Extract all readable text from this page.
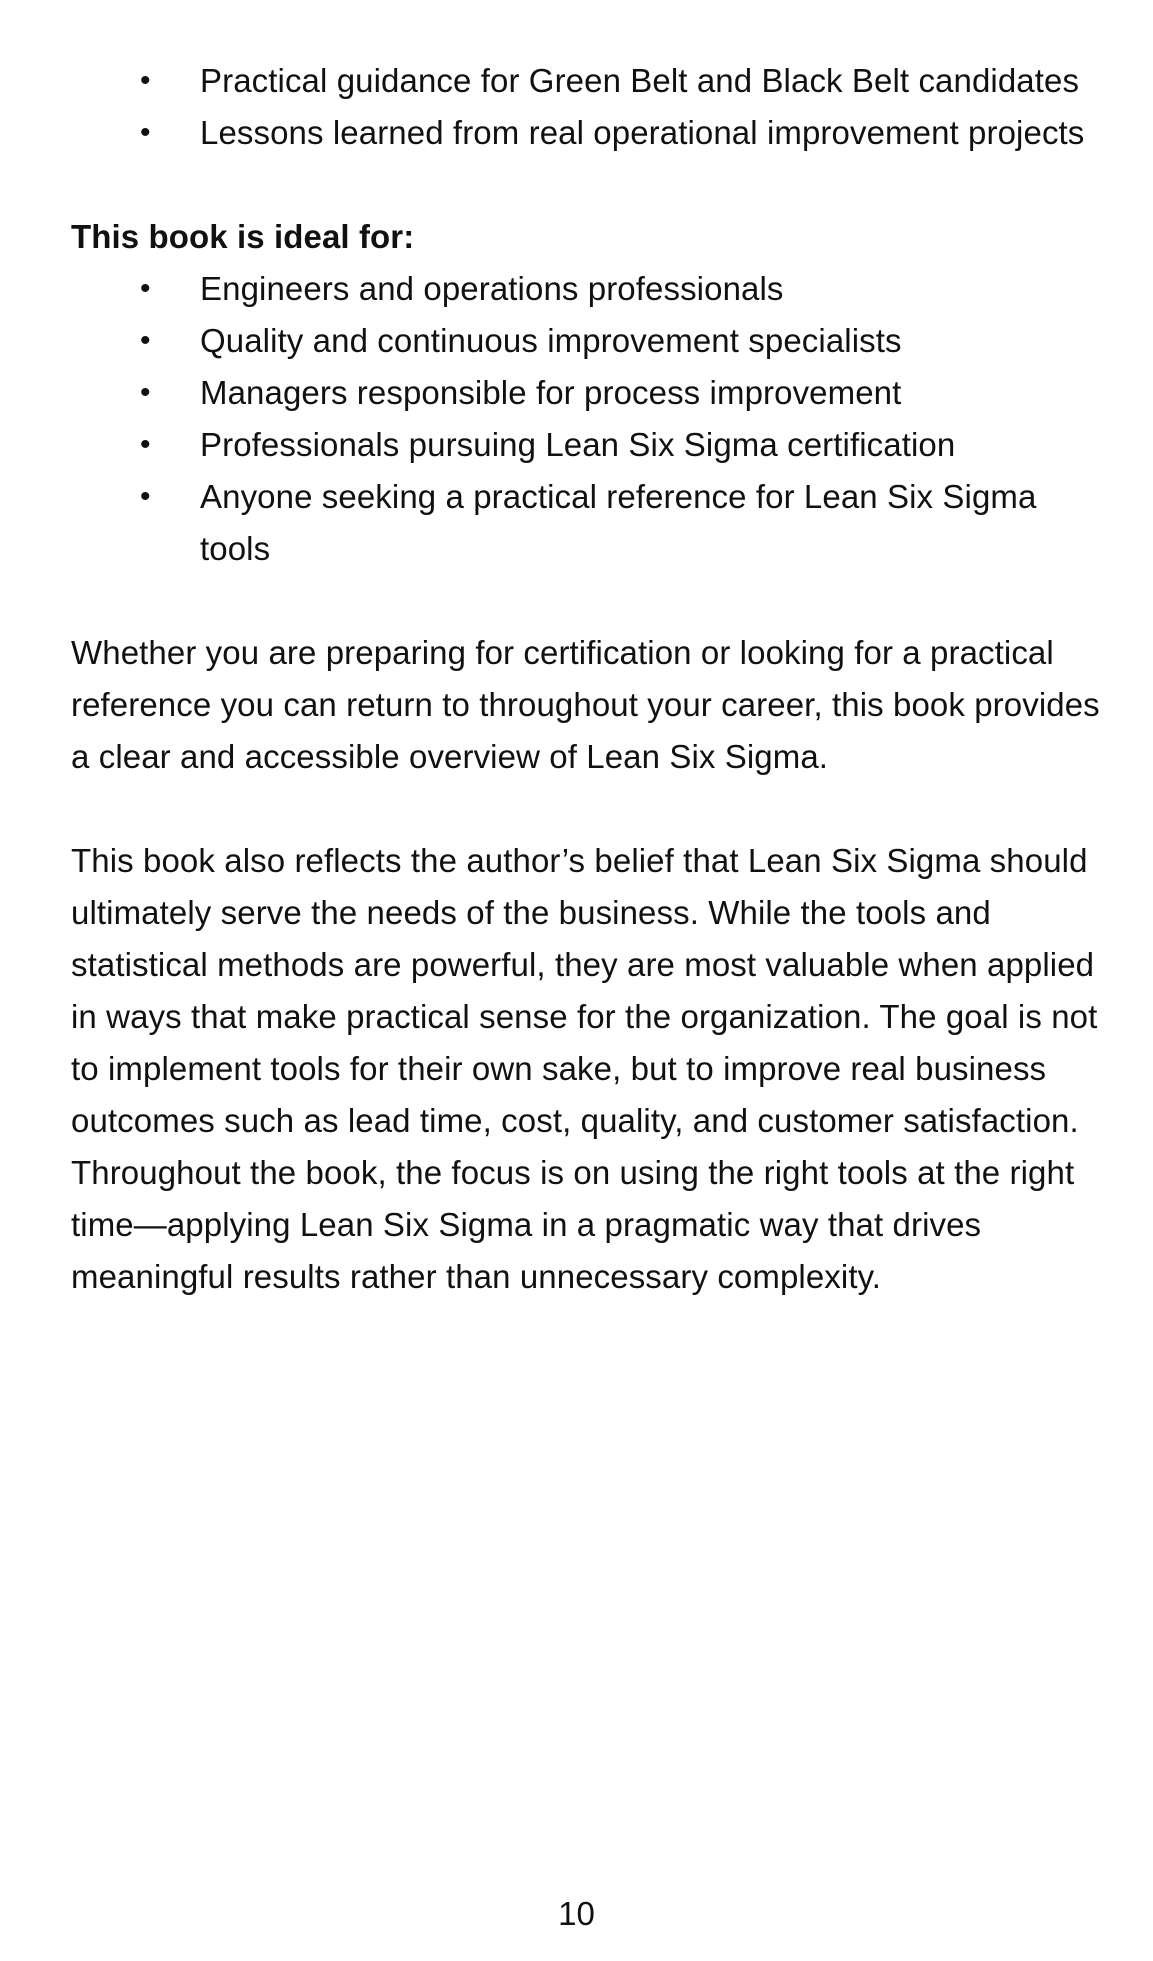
• Practical guidance for Green Belt and Black Belt candidates
• Lessons learned from real operational improvement projects
This book is ideal for:
• Engineers and operations professionals
• Quality and continuous improvement specialists
• Managers responsible for process improvement
• Professionals pursuing Lean Six Sigma certification
• Anyone seeking a practical reference for Lean Six Sigma tools

Whether you are preparing for certification or looking for a practical reference you can return to throughout your career, this book provides a clear and accessible overview of Lean Six Sigma.

This book also reflects the author’s belief that Lean Six Sigma should ultimately serve the needs of the business. While the tools and statistical methods are powerful, they are most valuable when applied in ways that make practical sense for the organization. The goal is not to implement tools for their own sake, but to improve real business outcomes such as lead time, cost, quality, and customer satisfaction. Throughout the book, the focus is on using the right tools at the right time—applying Lean Six Sigma in a pragmatic way that drives meaningful results rather than unnecessary complexity.

10
